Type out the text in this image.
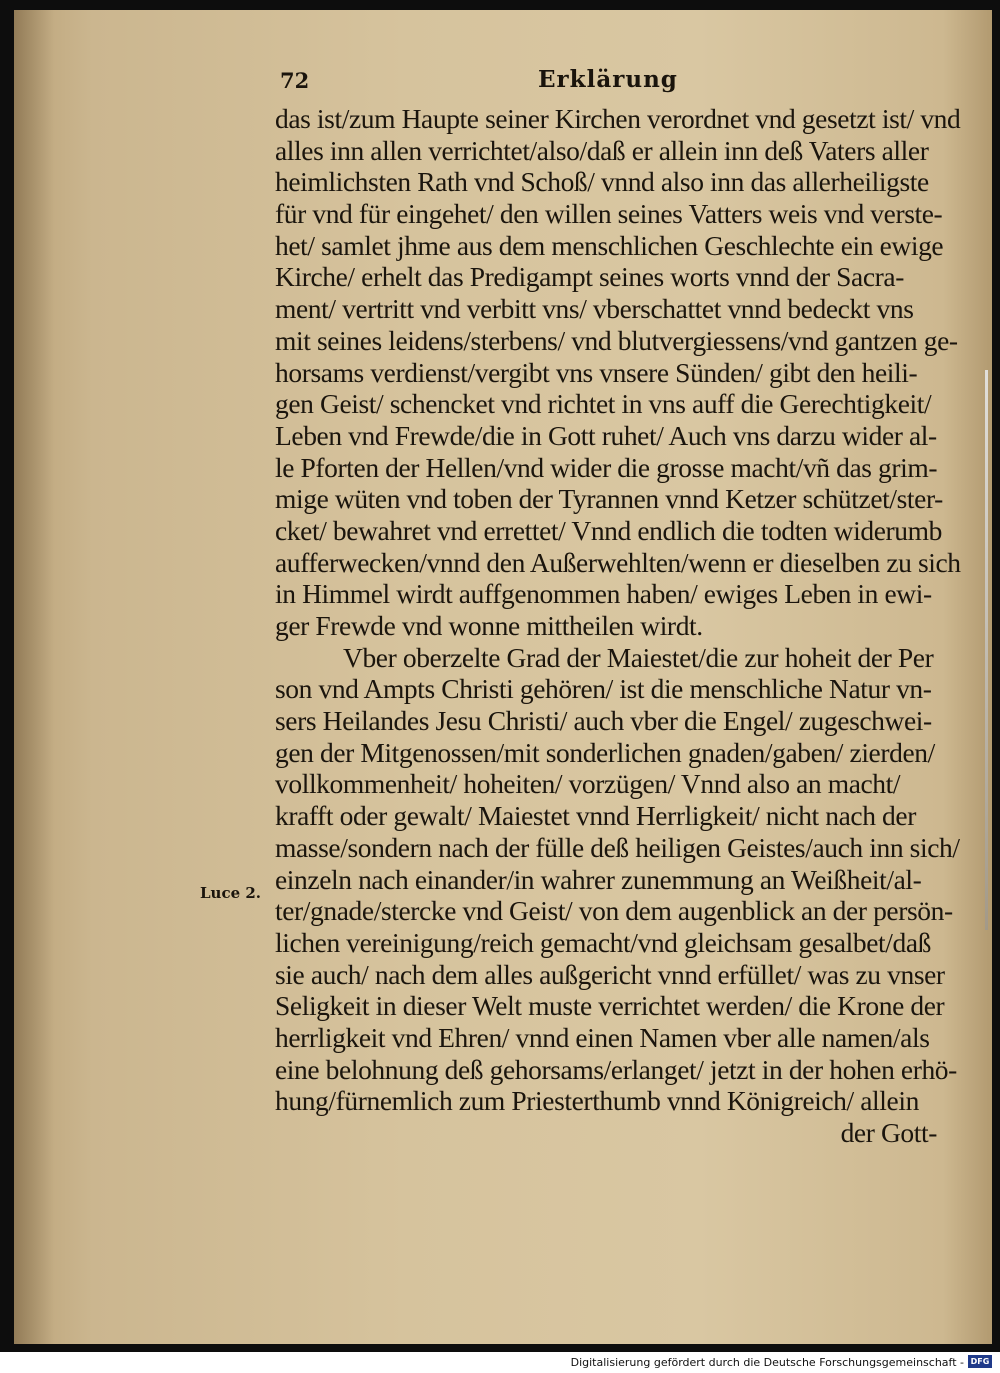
72	Erklärung
Luce 2.
das ist/zum Haupte seiner Kirchen verordnet vnd gesetzt ist/ vnd
alles inn allen verrichtet/also/daß er allein inn deß Vaters aller
heimlichsten Rath vnd Schoß/ vnnd also inn das allerheiligste
für vnd für eingehet/ den willen seines Vatters weis vnd verste-
het/ samlet jhme aus dem menschlichen Geschlechte ein ewige
Kirche/ erhelt das Predigampt seines worts vnnd der Sacra-
ment/ vertritt vnd verbitt vns/ vberschattet vnnd bedeckt vns
mit seines leidens/sterbens/ vnd blutvergiessens/vnd gantzen ge-
horsams verdienst/vergibt vns vnsere Sünden/ gibt den heili-
gen Geist/ schencket vnd richtet in vns auff die Gerechtigkeit/
Leben vnd Frewde/die in Gott ruhet/ Auch vns darzu wider al-
le Pforten der Hellen/vnd wider die grosse macht/vñ das grim-
mige wüten vnd toben der Tyrannen vnnd Ketzer schützet/ster-
cket/ bewahret vnd errettet/ Vnnd endlich die todten widerumb
aufferwecken/vnnd den Außerwehlten/wenn er dieselben zu sich
in Himmel wirdt auffgenommen haben/ ewiges Leben in ewi-
ger Frewde vnd wonne mittheilen wirdt.
Vber oberzelte Grad der Maiestet/die zur hoheit der Per
son vnd Ampts Christi gehören/ ist die menschliche Natur vn-
sers Heilandes Jesu Christi/ auch vber die Engel/ zugeschwei-
gen der Mitgenossen/mit sonderlichen gnaden/gaben/ zierden/
vollkommenheit/ hoheiten/ vorzügen/ Vnnd also an macht/
krafft oder gewalt/ Maiestet vnnd Herrligkeit/ nicht nach der
masse/sondern nach der fülle deß heiligen Geistes/auch inn sich/
einzeln nach einander/in wahrer zunemmung an Weißheit/al-
ter/gnade/stercke vnd Geist/ von dem augenblick an der persön-
lichen vereinigung/reich gemacht/vnd gleichsam gesalbet/daß
sie auch/ nach dem alles außgericht vnnd erfüllet/ was zu vnser
Seligkeit in dieser Welt muste verrichtet werden/ die Krone der
herrligkeit vnd Ehren/ vnnd einen Namen vber alle namen/als
eine belohnung deß gehorsams/erlanget/ jetzt in der hohen erhö-
hung/fürnemlich zum Priesterthumb vnnd Königreich/ allein
der Gott-
Digitalisierung gefördert durch die Deutsche Forschungsgemeinschaft - DFG
